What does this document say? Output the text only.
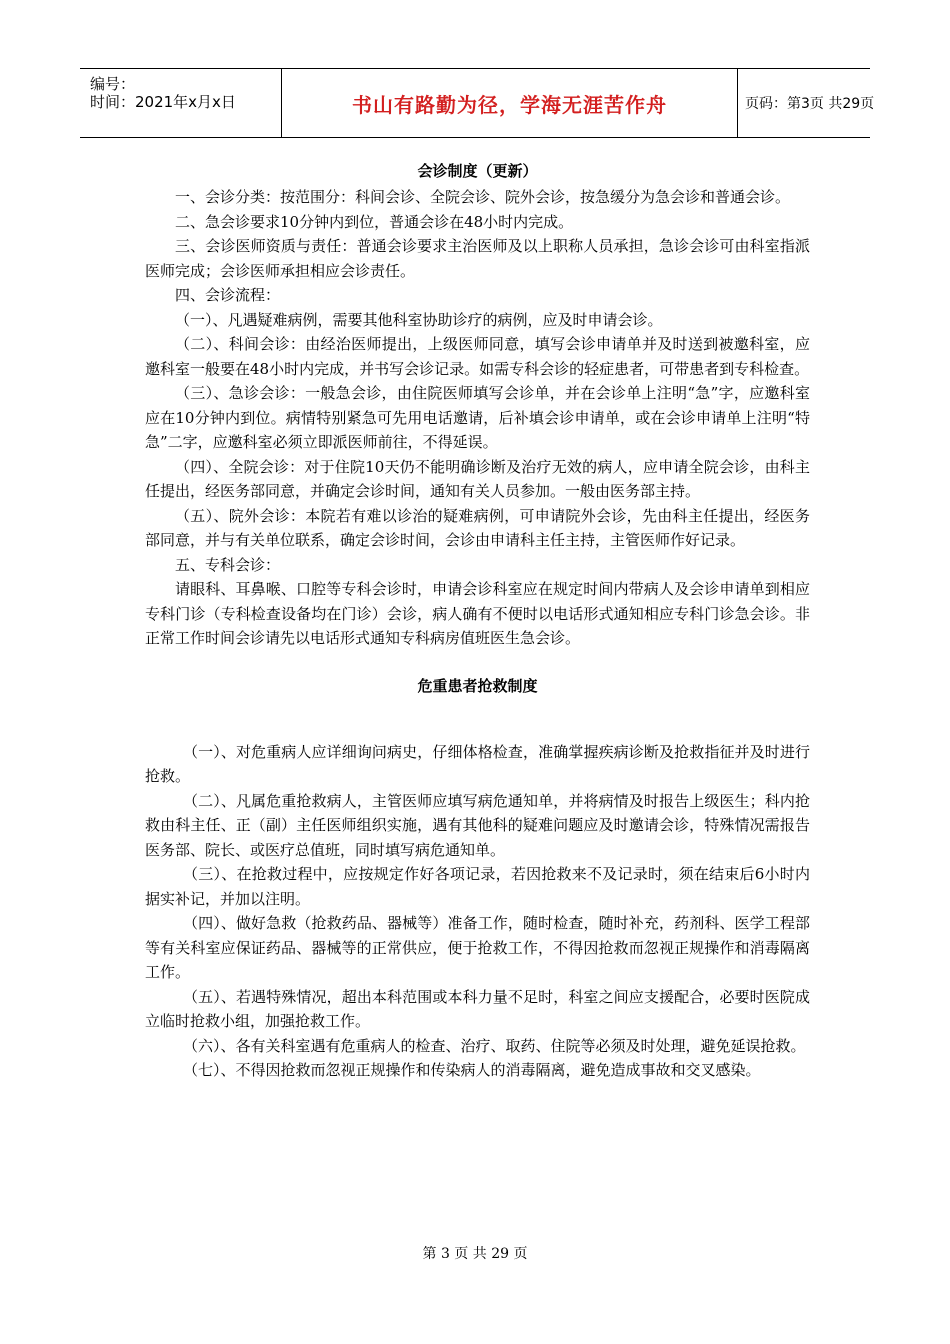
编号：
时间：2021年x月x日	书山有路勤为径，学海无涯苦作舟	页码：第3页 共29页
会诊制度（更新）

一、会诊分类：按范围分：科间会诊、全院会诊、院外会诊，按急缓分为急会诊和普通会诊。

二、急会诊要求10分钟内到位，普通会诊在48小时内完成。

三、会诊医师资质与责任：普通会诊要求主治医师及以上职称人员承担，急诊会诊可由科室指派医师完成；会诊医师承担相应会诊责任。

四、会诊流程：

（一）、凡遇疑难病例，需要其他科室协助诊疗的病例，应及时申请会诊。

（二）、科间会诊：由经治医师提出，上级医师同意，填写会诊申请单并及时送到被邀科室，应邀科室一般要在48小时内完成，并书写会诊记录。如需专科会诊的轻症患者，可带患者到专科检查。

（三）、急诊会诊：一般急会诊，由住院医师填写会诊单，并在会诊单上注明“急”字，应邀科室应在10分钟内到位。病情特别紧急可先用电话邀请，后补填会诊申请单，或在会诊申请单上注明“特急”二字，应邀科室必须立即派医师前往，不得延误。

（四）、全院会诊：对于住院10天仍不能明确诊断及治疗无效的病人，应申请全院会诊，由科主任提出，经医务部同意，并确定会诊时间，通知有关人员参加。一般由医务部主持。

（五）、院外会诊：本院若有难以诊治的疑难病例，可申请院外会诊，先由科主任提出，经医务部同意，并与有关单位联系，确定会诊时间，会诊由申请科主任主持，主管医师作好记录。

五、专科会诊：

请眼科、耳鼻喉、口腔等专科会诊时，申请会诊科室应在规定时间内带病人及会诊申请单到相应专科门诊（专科检查设备均在门诊）会诊，病人确有不便时以电话形式通知相应专科门诊急会诊。非正常工作时间会诊请先以电话形式通知专科病房值班医生急会诊。

危重患者抢救制度

（一）、对危重病人应详细询问病史，仔细体格检查，准确掌握疾病诊断及抢救指征并及时进行抢救。

（二）、凡属危重抢救病人，主管医师应填写病危通知单，并将病情及时报告上级医生；科内抢救由科主任、正（副）主任医师组织实施，遇有其他科的疑难问题应及时邀请会诊，特殊情况需报告医务部、院长、或医疗总值班，同时填写病危通知单。

（三）、在抢救过程中，应按规定作好各项记录，若因抢救来不及记录时，须在结束后6小时内据实补记，并加以注明。

（四）、做好急救（抢救药品、器械等）准备工作，随时检查，随时补充，药剂科、医学工程部等有关科室应保证药品、器械等的正常供应，便于抢救工作，不得因抢救而忽视正规操作和消毒隔离工作。

（五）、若遇特殊情况，超出本科范围或本科力量不足时，科室之间应支援配合，必要时医院成立临时抢救小组，加强抢救工作。

（六）、各有关科室遇有危重病人的检查、治疗、取药、住院等必须及时处理，避免延误抢救。

（七）、不得因抢救而忽视正规操作和传染病人的消毒隔离，避免造成事故和交叉感染。

第 3 页 共 29 页
